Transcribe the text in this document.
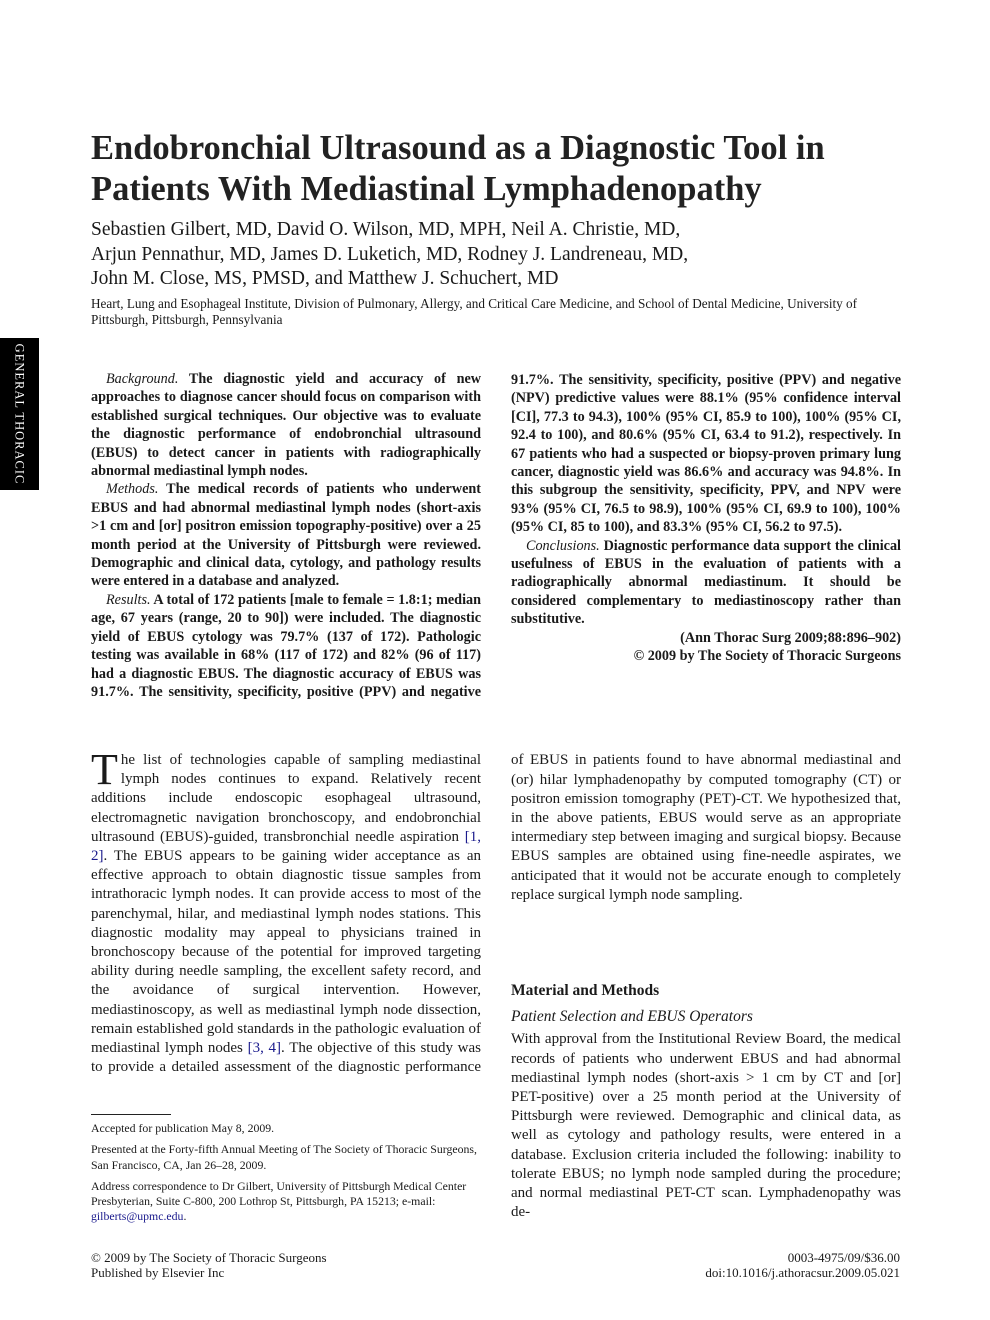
Endobronchial Ultrasound as a Diagnostic Tool in Patients With Mediastinal Lymphadenopathy
Sebastien Gilbert, MD, David O. Wilson, MD, MPH, Neil A. Christie, MD,
Arjun Pennathur, MD, James D. Luketich, MD, Rodney J. Landreneau, MD,
John M. Close, MS, PMSD, and Matthew J. Schuchert, MD

Heart, Lung and Esophageal Institute, Division of Pulmonary, Allergy, and Critical Care Medicine, and School of Dental Medicine, University of Pittsburgh, Pittsburgh, Pennsylvania

GENERAL THORACIC	Background. The diagnostic yield and accuracy of new approaches to diagnose cancer should focus on comparison with established surgical techniques. Our objective was to evaluate the diagnostic performance of endobronchial ultrasound (EBUS) to detect cancer in patients with radiographically abnormal mediastinal lymph nodes.

Methods. The medical records of patients who underwent EBUS and had abnormal mediastinal lymph nodes (short-axis >1 cm and [or] positron emission topography-positive) over a 25 month period at the University of Pittsburgh were reviewed. Demographic and clinical data, cytology, and pathology results were entered in a database and analyzed.

Results. A total of 172 patients [male to female = 1.8:1; median age, 67 years (range, 20 to 90]) were included. The diagnostic yield of EBUS cytology was 79.7% (137 of 172). Pathologic testing was available in 68% (117 of 172) and 82% (96 of 117) had a diagnostic EBUS. The diagnostic accuracy of EBUS was 91.7%. The sensitivity, specificity, positive (PPV) and negative

91.7%. The sensitivity, specificity, positive (PPV) and negative (NPV) predictive values were 88.1% (95% confidence interval [CI], 77.3 to 94.3), 100% (95% CI, 85.9 to 100), 100% (95% CI, 92.4 to 100), and 80.6% (95% CI, 63.4 to 91.2), respectively. In 67 patients who had a suspected or biopsy-proven primary lung cancer, diagnostic yield was 86.6% and accuracy was 94.8%. In this subgroup the sensitivity, specificity, PPV, and NPV were 93% (95% CI, 76.5 to 98.9), 100% (95% CI, 69.9 to 100), 100% (95% CI, 85 to 100), and 83.3% (95% CI, 56.2 to 97.5).

Conclusions. Diagnostic performance data support the clinical usefulness of EBUS in the evaluation of patients with a radiographically abnormal mediastinum. It should be considered complementary to mediastinoscopy rather than substitutive.

(Ann Thorac Surg 2009;88:896–902)

© 2009 by The Society of Thoracic Surgeons

The list of technologies capable of sampling mediastinal lymph nodes continues to expand. Relatively recent additions include endoscopic esophageal ultrasound, electromagnetic navigation bronchoscopy, and endobronchial ultrasound (EBUS)-guided, transbronchial needle aspiration [1, 2]. The EBUS appears to be gaining wider acceptance as an effective approach to obtain diagnostic tissue samples from intrathoracic lymph nodes. It can provide access to most of the parenchymal, hilar, and mediastinal lymph nodes stations. This diagnostic modality may appeal to physicians trained in bronchoscopy because of the potential for improved targeting ability during needle sampling, the excellent safety record, and the avoidance of surgical intervention. However, mediastinoscopy, as well as mediastinal lymph node dissection, remain established gold standards in the pathologic evaluation of mediastinal lymph nodes [3, 4]. The objective of this study was to provide a detailed assessment of the diagnostic performance

of EBUS in patients found to have abnormal mediastinal and (or) hilar lymphadenopathy by computed tomography (CT) or positron emission tomography (PET)-CT. We hypothesized that, in the above patients, EBUS would serve as an appropriate intermediary step between imaging and surgical biopsy. Because EBUS samples are obtained using fine-needle aspirates, we anticipated that it would not be accurate enough to completely replace surgical lymph node sampling.

Material and Methods

Patient Selection and EBUS Operators

With approval from the Institutional Review Board, the medical records of patients who underwent EBUS and had abnormal mediastinal lymph nodes (short-axis > 1 cm by CT and [or] PET-positive) over a 25 month period at the University of Pittsburgh were reviewed. Demographic and clinical data, as well as cytology and pathology results, were entered in a database. Exclusion criteria included the following: inability to tolerate EBUS; no lymph node sampled during the procedure; and normal mediastinal PET-CT scan. Lymphadenopathy was de-

Accepted for publication May 8, 2009.

Presented at the Forty-fifth Annual Meeting of The Society of Thoracic Surgeons, San Francisco, CA, Jan 26–28, 2009.

Address correspondence to Dr Gilbert, University of Pittsburgh Medical Center Presbyterian, Suite C-800, 200 Lothrop St, Pittsburgh, PA 15213; e-mail: gilberts@upmc.edu.

© 2009 by The Society of Thoracic Surgeons
Published by Elsevier Inc
0003-4975/09/$36.00
doi:10.1016/j.athoracsur.2009.05.021
